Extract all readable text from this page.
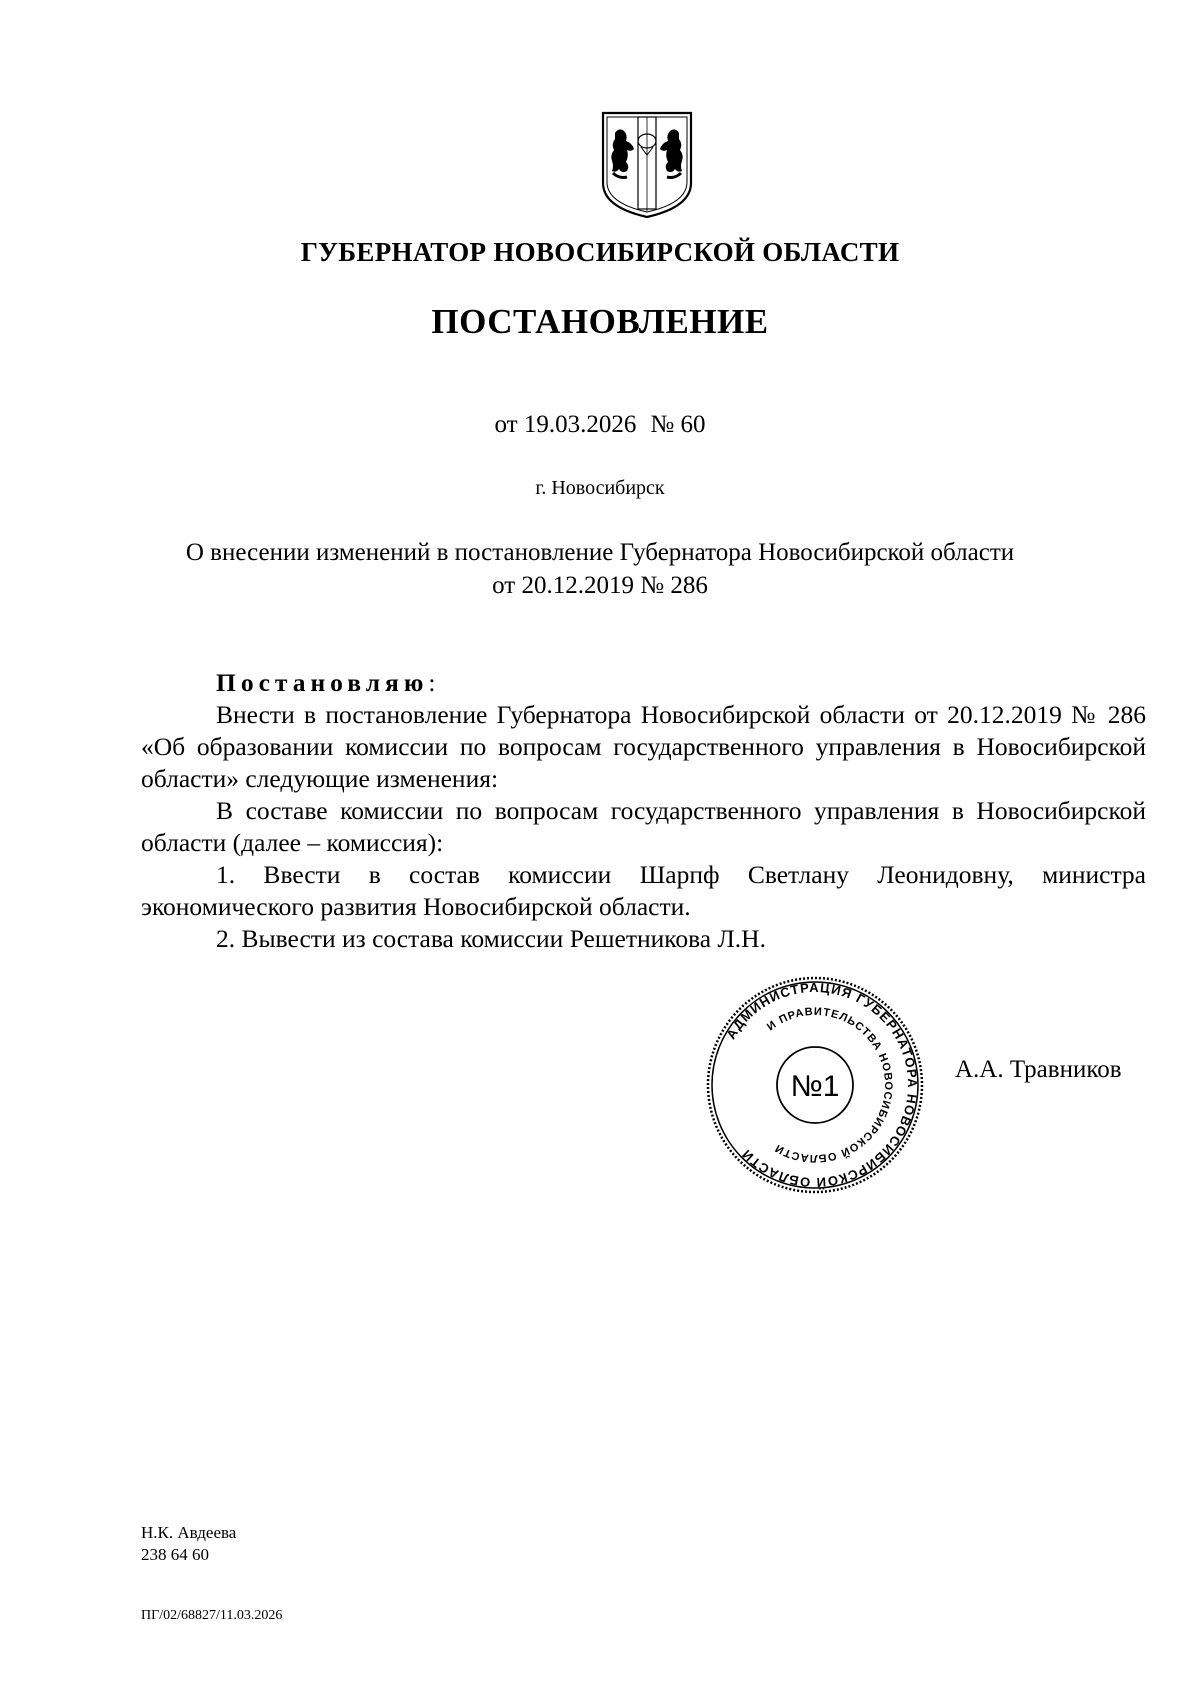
ГУБЕРНАТОР НОВОСИБИРСКОЙ ОБЛАСТИ
ПОСТАНОВЛЕНИЕ
от 19.03.2026 № 60
г. Новосибирск
О внесении изменений в постановление Губернатора Новосибирской области
от 20.12.2019 № 286

Постановляю:

Внести в постановление Губернатора Новосибирской области от 20.12.2019 № 286 «Об образовании комиссии по вопросам государственного управления в Новосибирской области» следующие изменения:

В составе комиссии по вопросам государственного управления в Новосибирской области (далее – комиссия):

1. Ввести в состав комиссии Шарпф Светлану Леонидовну, министра экономического развития Новосибирской области.

2. Вывести из состава комиссии Решетникова Л.Н.

АДМИНИСТРАЦИЯ ГУБЕРНАТОРА НОВОСИБИРСКОЙ ОБЛАСТИ
И ПРАВИТЕЛЬСТВА НОВОСИБИРСКОЙ ОБЛАСТИ
№1
А.А. Травников
Н.К. Авдеева
238 64 60
ПГ/02/68827/11.03.2026
